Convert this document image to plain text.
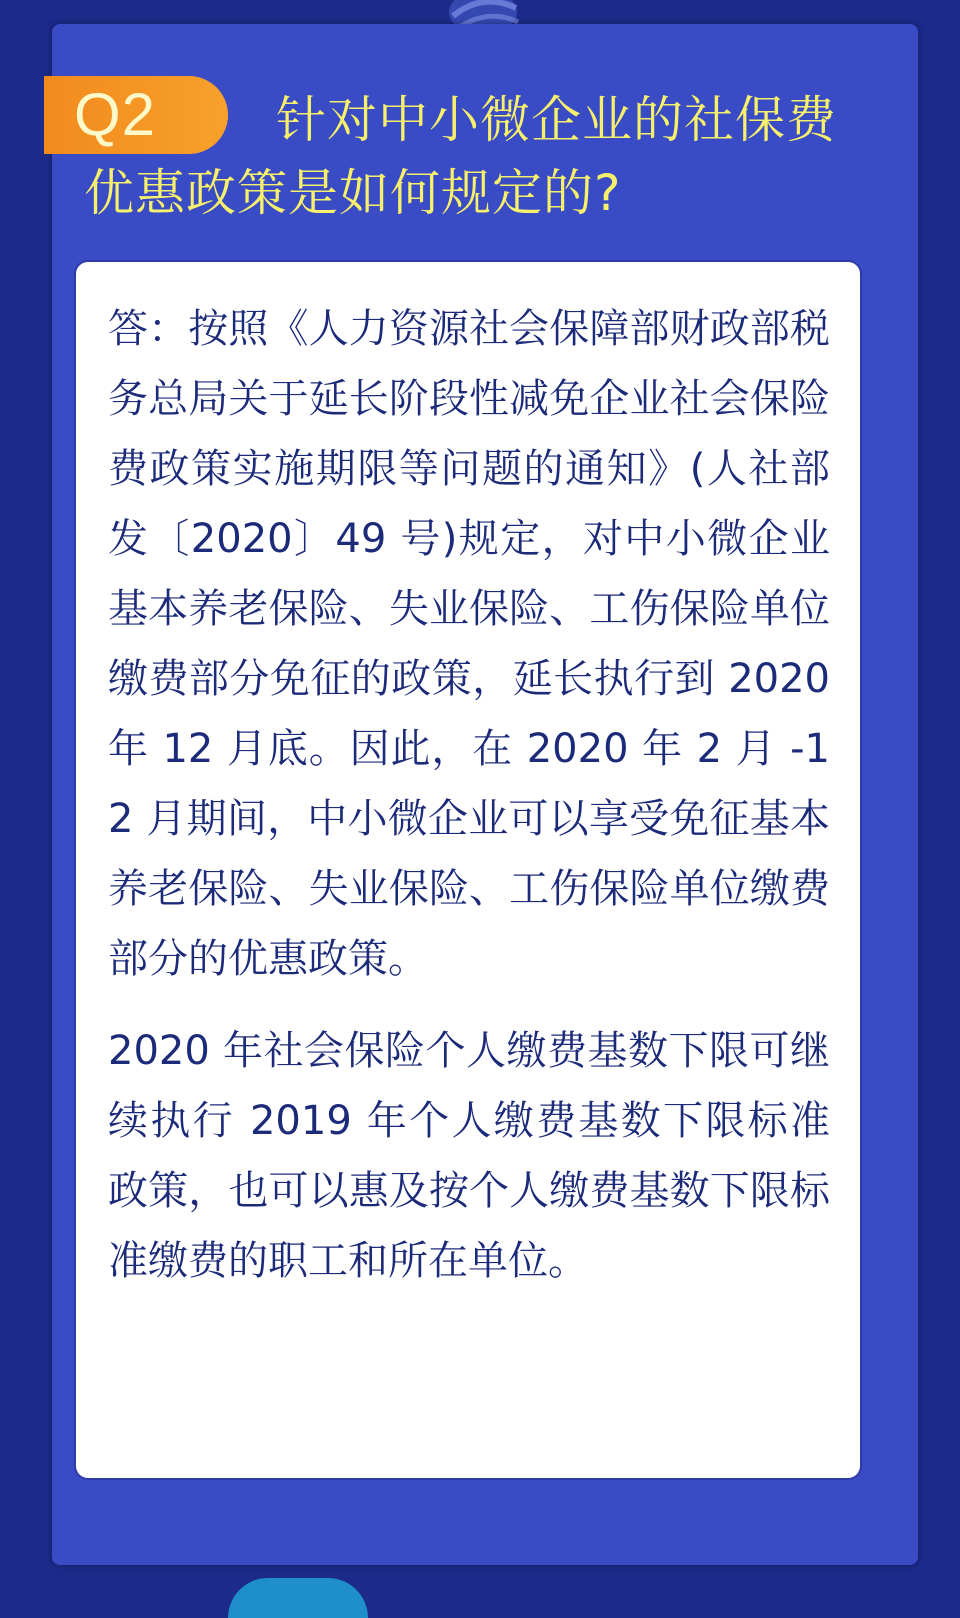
Q2	针对中小微企业的社保费优惠政策是如何规定的?

答：按照《人力资源社会保障部财政部税务总局关于延长阶段性减免企业社会保险费政策实施期限等问题的通知》(人社部发〔2020〕49 号)规定，对中小微企业基本养老保险、失业保险、工伤保险单位缴费部分免征的政策，延长执行到 2020 年 12 月底。因此，在 2020 年 2 月 -12 月期间，中小微企业可以享受免征基本养老保险、失业保险、工伤保险单位缴费部分的优惠政策。

2020 年社会保险个人缴费基数下限可继续执行 2019 年个人缴费基数下限标准政策，也可以惠及按个人缴费基数下限标准缴费的职工和所在单位。
